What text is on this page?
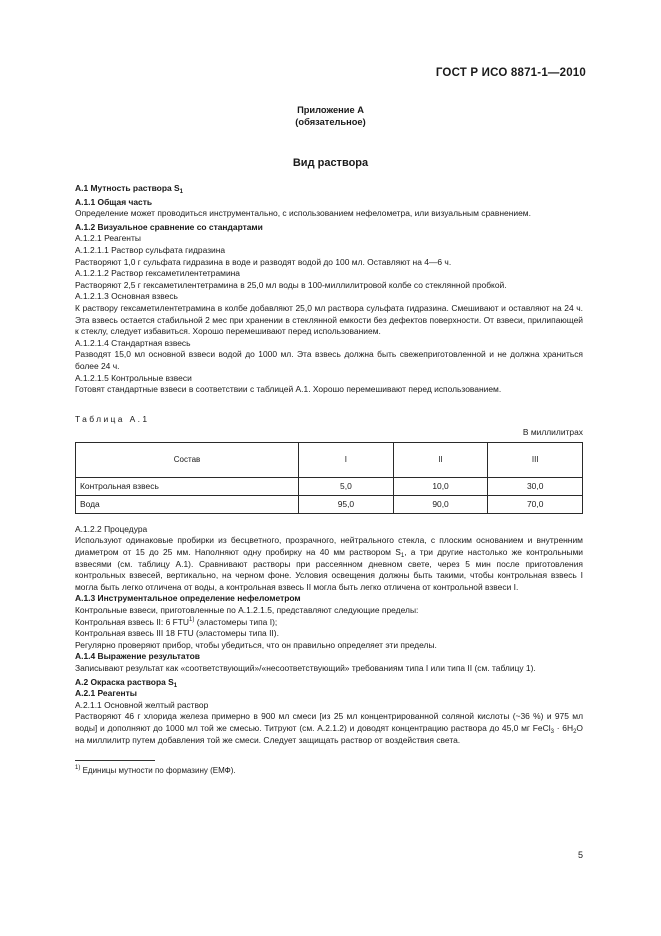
ГОСТ Р ИСО 8871-1—2010
Приложение А
(обязательное)
Вид раствора

А.1 Мутность раствора $S_1$

А.1.1 Общая часть

Определение может проводиться инструментально, с использованием нефелометра, или визуальным сравнением.

А.1.2 Визуальное сравнение со стандартами

А.1.2.1 Реагенты

А.1.2.1.1 Раствор сульфата гидразина

Растворяют 1,0 г сульфата гидразина в воде и разводят водой до 100 мл. Оставляют на 4—6 ч.

А.1.2.1.2 Раствор гексаметилентетрамина

Растворяют 2,5 г гексаметилентетрамина в 25,0 мл воды в 100-миллилитровой колбе со стеклянной пробкой.

А.1.2.1.3 Основная взвесь

К раствору гексаметилентетрамина в колбе добавляют 25,0 мл раствора сульфата гидразина. Смешивают и оставляют на 24 ч. Эта взвесь остается стабильной 2 мес при хранении в стеклянной емкости без дефектов поверхности. От взвеси, прилипающей к стеклу, следует избавиться. Хорошо перемешивают перед использованием.

А.1.2.1.4 Стандартная взвесь

Разводят 15,0 мл основной взвеси водой до 1000 мл. Эта взвесь должна быть свежеприготовленной и не должна храниться более 24 ч.

А.1.2.1.5 Контрольные взвеси

Готовят стандартные взвеси в соответствии с таблицей А.1. Хорошо перемешивают перед использованием.

Таблица А.1
В миллилитрах
Состав	I	II	III
Контрольная взвесь	5,0	10,0	30,0
Вода	95,0	90,0	70,0

А.1.2.2 Процедура

Используют одинаковые пробирки из бесцветного, прозрачного, нейтрального стекла, с плоским основанием и внутренним диаметром от 15 до 25 мм. Наполняют одну пробирку на 40 мм раствором $S_1$, а три другие настолько же контрольными взвесями (см. таблицу А.1). Сравнивают растворы при рассеянном дневном свете, через 5 мин после приготовления контрольных взвесей, вертикально, на черном фоне. Условия освещения должны быть такими, чтобы контрольная взвесь I могла быть легко отличена от воды, а контрольная взвесь II могла быть легко отличена от контрольной взвеси I.

А.1.3 Инструментальное определение нефелометром

Контрольные взвеси, приготовленные по А.1.2.1.5, представляют следующие пределы:

Контрольная взвесь II: 6 FTU$^{1)}$ (эластомеры типа I);

Контрольная взвесь III 18 FTU (эластомеры типа II).

Регулярно проверяют прибор, чтобы убедиться, что он правильно определяет эти пределы.

А.1.4 Выражение результатов

Записывают результат как «соответствующий»/«несоответствующий» требованиям типа I или типа II (см. таблицу 1).

А.2 Окраска раствора $S_1$

А.2.1 Реагенты

А.2.1.1 Основной желтый раствор

Растворяют 46 г хлорида железа примерно в 900 мл смеси [из 25 мл концентрированной соляной кислоты (~36 %) и 975 мл воды] и дополняют до 1000 мл той же смесью. Титруют (см. А.2.1.2) и доводят концентрацию раствора до 45,0 мг FeCl$_3$ · $6H_2O$ на миллилитр путем добавления той же смеси. Следует защищать раствор от воздействия света.

$^{1)}$ Единицы мутности по формазину (ЕМФ).
5
